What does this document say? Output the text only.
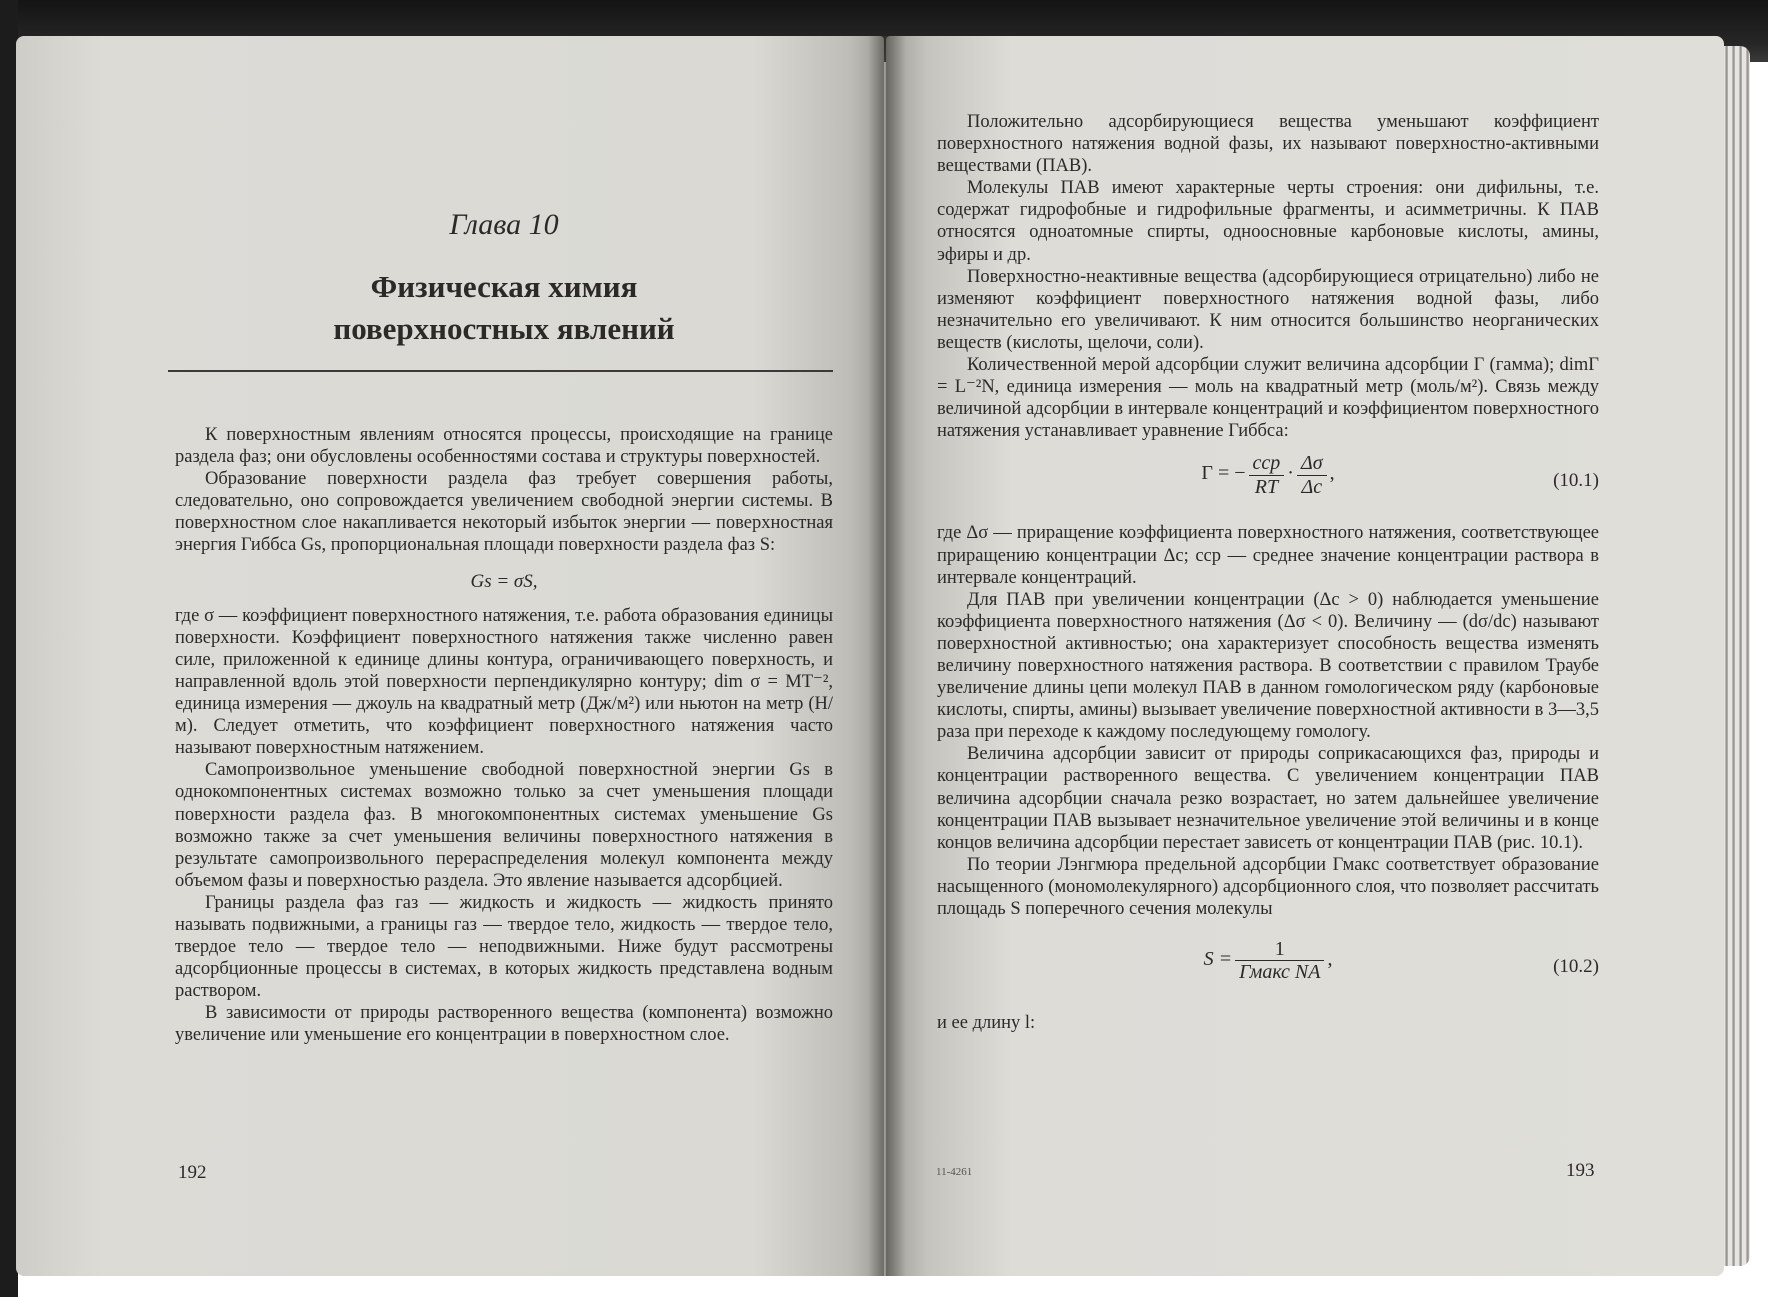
Глава 10
Физическая химия
поверхностных явлений

К поверхностным явлениям относятся процессы, происходящие на границе раздела фаз; они обусловлены особенностями состава и структуры поверхностей.

Образование поверхности раздела фаз требует совершения работы, следовательно, оно сопровождается увеличением свободной энергии системы. В поверхностном слое накапливается некоторый избыток энергии — поверхностная энергия Гиббса Gs, пропорциональная площади поверхности раздела фаз S:

Gs = σS,

где σ — коэффициент поверхностного натяжения, т.е. работа образования единицы поверхности. Коэффициент поверхностного натяжения также численно равен силе, приложенной к единице длины контура, ограничивающего поверхность, и направленной вдоль этой поверхности перпендикулярно контуру; dim σ = MT⁻², единица измерения — джоуль на квадратный метр (Дж/м²) или ньютон на метр (Н/м). Следует отметить, что коэффициент поверхностного натяжения часто называют поверхностным натяжением.

Самопроизвольное уменьшение свободной поверхностной энергии Gs в однокомпонентных системах возможно только за счет уменьшения площади поверхности раздела фаз. В многокомпонентных системах уменьшение Gs возможно также за счет уменьшения величины поверхностного натяжения в результате самопроизвольного перераспределения молекул компонента между объемом фазы и поверхностью раздела. Это явление называется адсорбцией.

Границы раздела фаз газ — жидкость и жидкость — жидкость принято называть подвижными, а границы газ — твердое тело, жидкость — твердое тело, твердое тело — твердое тело — неподвижными. Ниже будут рассмотрены адсорбционные процессы в системах, в которых жидкость представлена водным раствором.

В зависимости от природы растворенного вещества (компонента) возможно увеличение или уменьшение его концентрации в поверхностном слое.

192

Положительно адсорбирующиеся вещества уменьшают коэффициент поверхностного натяжения водной фазы, их называют поверхностно-активными веществами (ПАВ).

Молекулы ПАВ имеют характерные черты строения: они дифильны, т.е. содержат гидрофобные и гидрофильные фрагменты, и асимметричны. К ПАВ относятся одноатомные спирты, одноосновные карбоновые кислоты, амины, эфиры и др.

Поверхностно-неактивные вещества (адсорбирующиеся отрицательно) либо не изменяют коэффициент поверхностного натяжения водной фазы, либо незначительно его увеличивают. К ним относится большинство неорганических веществ (кислоты, щелочи, соли).

Количественной мерой адсорбции служит величина адсорбции Г (гамма); dimГ = L⁻²N, единица измерения — моль на квадратный метр (моль/м²). Связь между величиной адсорбции в интервале концентраций и коэффициентом поверхностного натяжения устанавливает уравнение Гиббса:

Г = − $\frac{\text{cср}}{RT} \cdot \frac{\Delta\sigma}{\Delta c}$ ,	(10.1)

где Δσ — приращение коэффициента поверхностного натяжения, соответствующее приращению концентрации Δc; cср — среднее значение концентрации раствора в интервале концентраций.

Для ПАВ при увеличении концентрации (Δc > 0) наблюдается уменьшение коэффициента поверхностного натяжения (Δσ < 0). Величину — (dσ/dc) называют поверхностной активностью; она характеризует способность вещества изменять величину поверхностного натяжения раствора. В соответствии с правилом Траубе увеличение длины цепи молекул ПАВ в данном гомологическом ряду (карбоновые кислоты, спирты, амины) вызывает увеличение поверхностной активности в 3—3,5 раза при переходе к каждому последующему гомологу.

Величина адсорбции зависит от природы соприкасающихся фаз, природы и концентрации растворенного вещества. С увеличением концентрации ПАВ величина адсорбции сначала резко возрастает, но затем дальнейшее увеличение концентрации ПАВ вызывает незначительное увеличение этой величины и в конце концов величина адсорбции перестает зависеть от концентрации ПАВ (рис. 10.1).

По теории Лэнгмюра предельной адсорбции Гмакс соответствует образование насыщенного (мономолекулярного) адсорбционного слоя, что позволяет рассчитать площадь S поперечного сечения молекулы

$S = \frac{1}{\text{Гмакс NA}}$ ,	(10.2)

и ее длину l:

11-4261	193
